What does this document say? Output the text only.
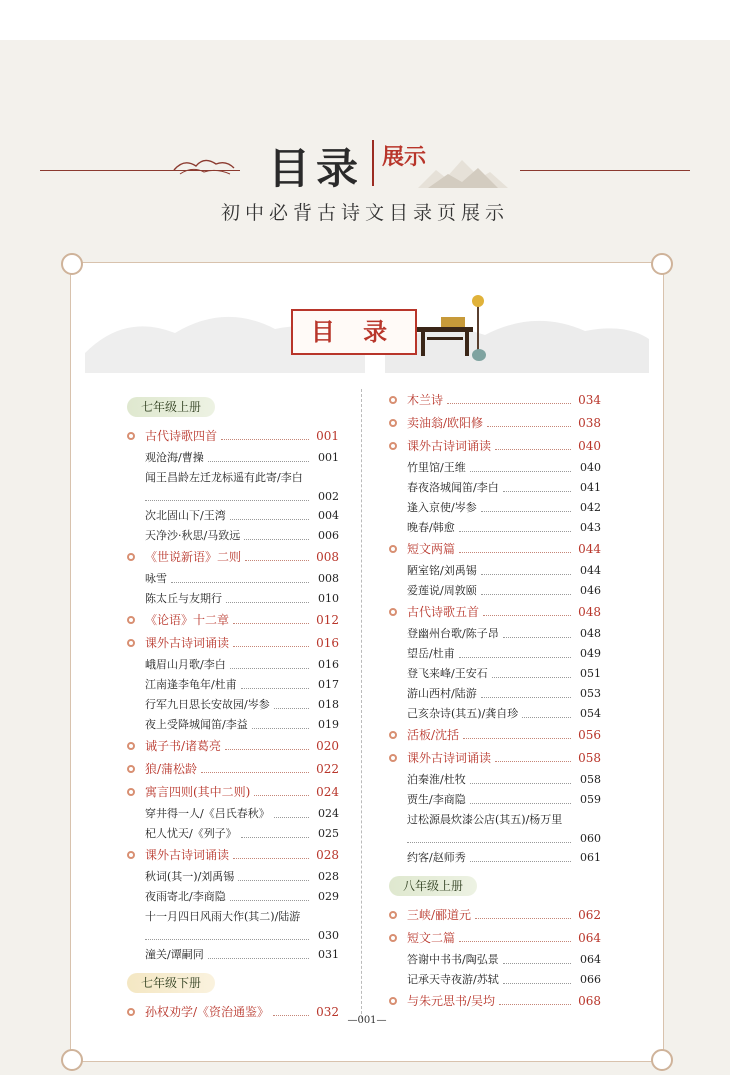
目录 展示
初中必背古诗文目录页展示
目 录
七年级上册
古代诗歌四首	001
观沧海/曹操	001
闻王昌龄左迁龙标遥有此寄/李白
002
次北固山下/王湾	004
天净沙·秋思/马致远	006
《世说新语》二则	008
咏雪	008
陈太丘与友期行	010
《论语》十二章	012
课外古诗词诵读	016
峨眉山月歌/李白	016
江南逢李龟年/杜甫	017
行军九日思长安故园/岑参	018
夜上受降城闻笛/李益	019
诫子书/诸葛亮	020
狼/蒲松龄	022
寓言四则(其中二则)	024
穿井得一人/《吕氏春秋》	024
杞人忧天/《列子》	025
课外古诗词诵读	028
秋词(其一)/刘禹锡	028
夜雨寄北/李商隐	029
十一月四日风雨大作(其二)/陆游
030
潼关/谭嗣同	031
七年级下册
孙权劝学/《资治通鉴》	032
木兰诗	034
卖油翁/欧阳修	038
课外古诗词诵读	040
竹里馆/王维	040
春夜洛城闻笛/李白	041
逢入京使/岑参	042
晚春/韩愈	043
短文两篇	044
陋室铭/刘禹锡	044
爱莲说/周敦颐	046
古代诗歌五首	048
登幽州台歌/陈子昂	048
望岳/杜甫	049
登飞来峰/王安石	051
游山西村/陆游	053
己亥杂诗(其五)/龚自珍	054
活板/沈括	056
课外古诗词诵读	058
泊秦淮/杜牧	058
贾生/李商隐	059
过松源晨炊漆公店(其五)/杨万里
060
约客/赵师秀	061
八年级上册
三峡/郦道元	062
短文二篇	064
答谢中书书/陶弘景	064
记承天寺夜游/苏轼	066
与朱元思书/吴均	068
—001—
